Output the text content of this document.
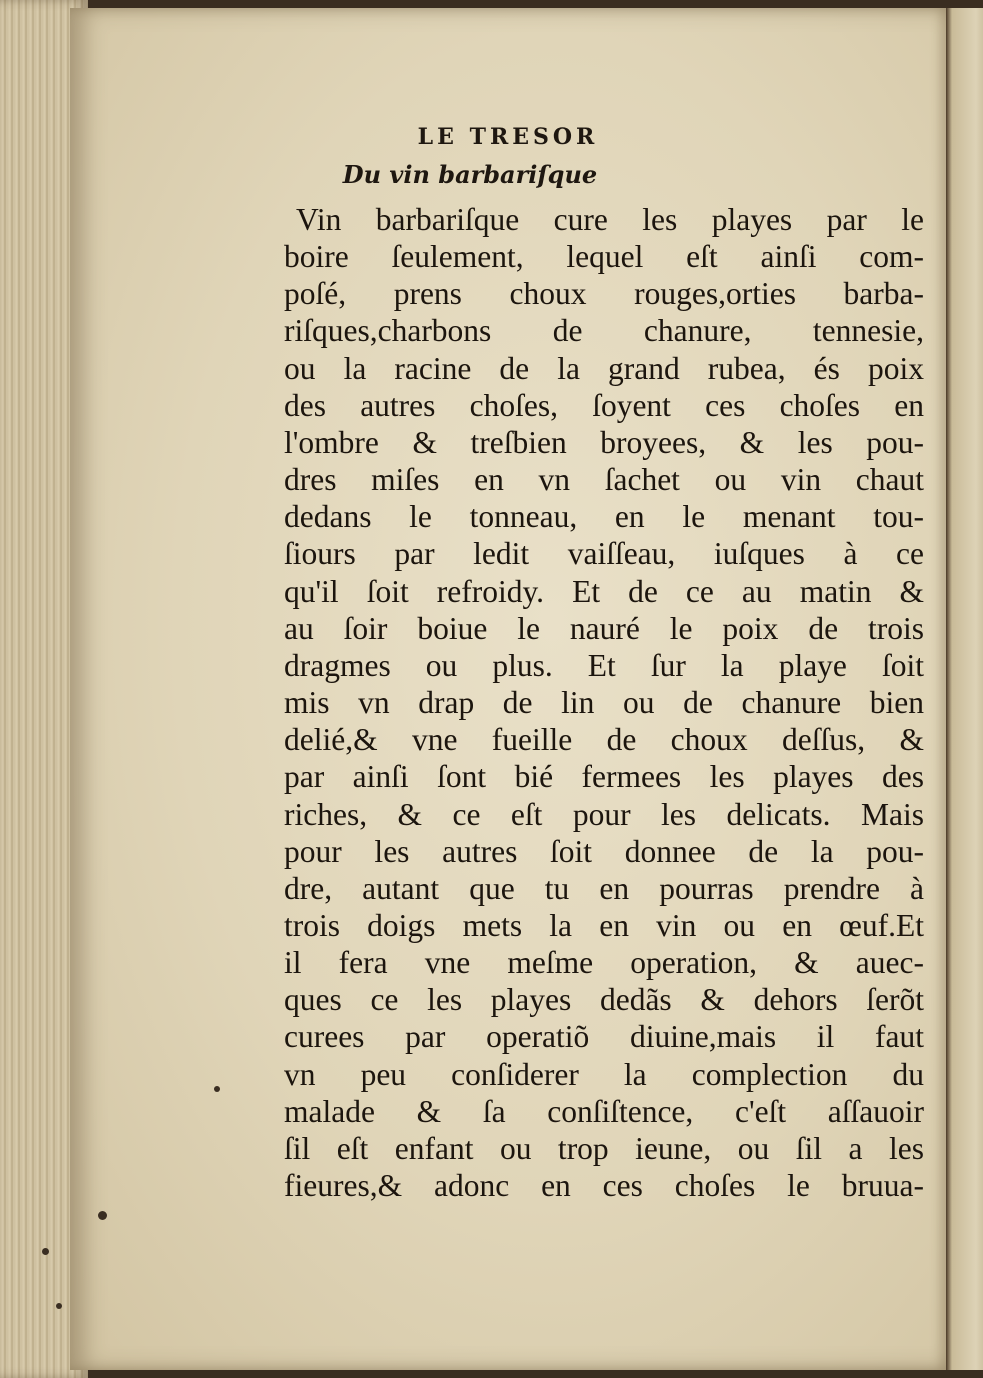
LE TRESOR
Du vin barbariſque
Vin barbariſque cure les playes par le
boire ſeulement, lequel eſt ainſi com-
poſé, prens choux rouges,orties barba-
riſques,charbons de chanure, tennesie,
ou la racine de la grand rubea, és poix
des autres choſes, ſoyent ces choſes en
l'ombre & treſbien broyees, & les pou-
dres miſes en vn ſachet ou vin chaut
dedans le tonneau, en le menant tou-
ſiours par ledit vaiſſeau, iuſques à ce
qu'il ſoit refroidy. Et de ce au matin &
au ſoir boiue le nauré le poix de trois
dragmes ou plus. Et ſur la playe ſoit
mis vn drap de lin ou de chanure bien
delié,& vne fueille de choux deſſus, &
par ainſi ſont bié fermees les playes des
riches, & ce eſt pour les delicats. Mais
pour les autres ſoit donnee de la pou-
dre, autant que tu en pourras prendre à
trois doigs mets la en vin ou en œuf.Et
il fera vne meſme operation, & auec-
ques ce les playes dedãs & dehors ſerõt
curees par operatiõ diuine,mais il faut
vn peu conſiderer la complection du
malade & ſa conſiſtence, c'eſt aſſauoir
ſil eſt enfant ou trop ieune, ou ſil a les
fieures,& adonc en ces choſes le bruua-
